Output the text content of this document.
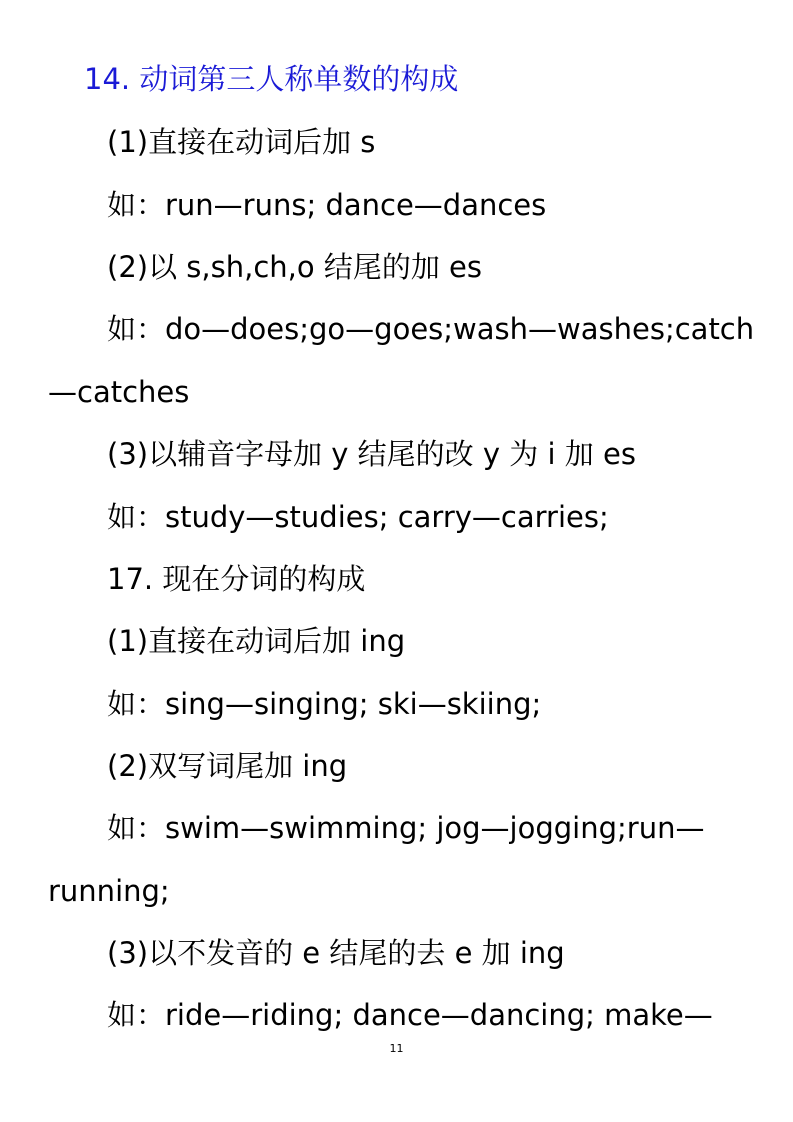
14. 动词第三人称单数的构成
(1)直接在动词后加 s
如：run—runs; dance—dances
(2)以 s,sh,ch,o 结尾的加 es
如：do—does;go—goes;wash—washes;catch
—catches
(3)以辅音字母加 y 结尾的改 y 为 i 加 es
如：study—studies; carry—carries;
17. 现在分词的构成
(1)直接在动词后加 ing
如：sing—singing; ski—skiing;
(2)双写词尾加 ing
如：swim—swimming; jog—jogging;run—
running;
(3)以不发音的 e 结尾的去 e 加 ing
如：ride—riding; dance—dancing; make—
11
